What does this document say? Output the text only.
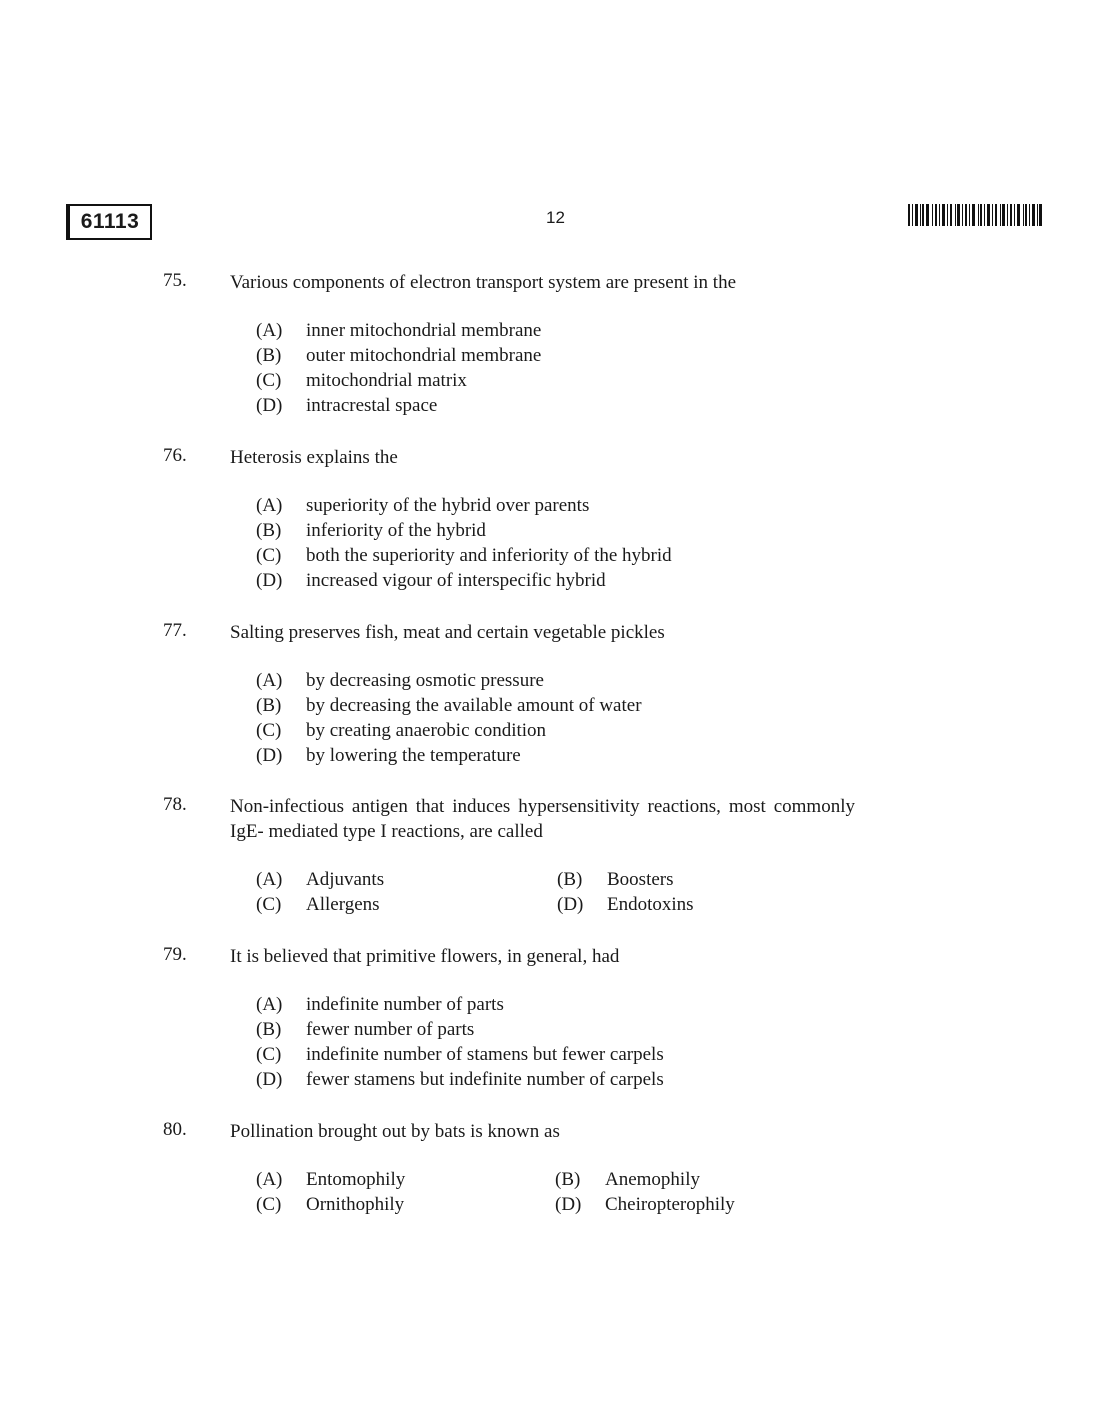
61113	12
75. Various components of electron transport system are present in the
(A) inner mitochondrial membrane
(B) outer mitochondrial membrane
(C) mitochondrial matrix
(D) intracrestal space
76. Heterosis explains the
(A) superiority of the hybrid over parents
(B) inferiority of the hybrid
(C) both the superiority and inferiority of the hybrid
(D) increased vigour of interspecific hybrid
77. Salting preserves fish, meat and certain vegetable pickles
(A) by decreasing osmotic pressure
(B) by decreasing the available amount of water
(C) by creating anaerobic condition
(D) by lowering the temperature
78. Non-infectious antigen that induces hypersensitivity reactions, most commonly IgE- mediated type I reactions, are called
(A) Adjuvants	(B) Boosters
(C) Allergens	(D) Endotoxins
79. It is believed that primitive flowers, in general, had
(A) indefinite number of parts
(B) fewer number of parts
(C) indefinite number of stamens but fewer carpels
(D) fewer stamens but indefinite number of carpels
80. Pollination brought out by bats is known as
(A) Entomophily	(B) Anemophily
(C) Ornithophily	(D) Cheiropterophily
